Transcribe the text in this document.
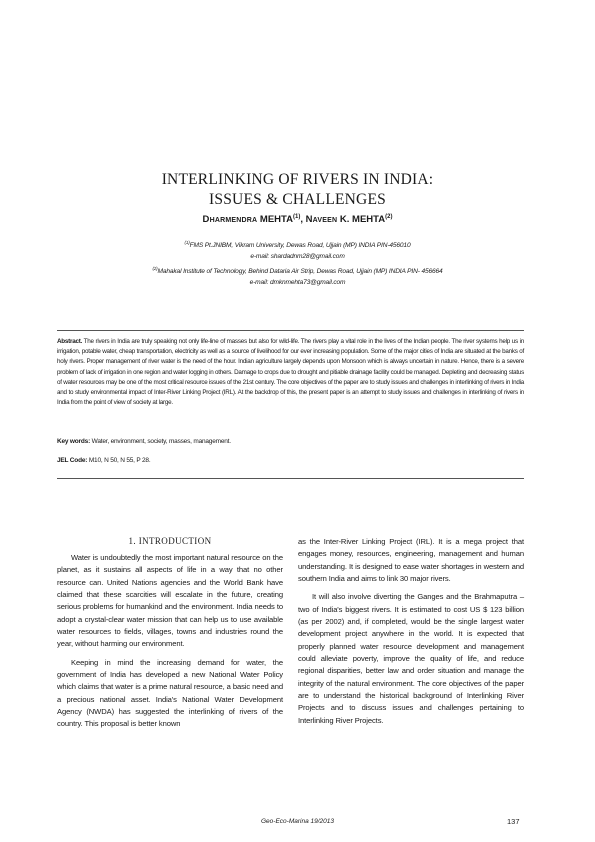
INTERLINKING OF RIVERS IN INDIA:
ISSUES & CHALLENGES
Dharmendra MEHTA$^{(1)}$, Naveen K. MEHTA$^{(2)}$
$^{(1)}$FMS Pt.JNIBM, Vikram University, Dewas Road, Ujjain (MP) INDIA PIN-456010
e-mail: shardadnm28@gmail.com
$^{(2)}$Mahakal Institute of Technology, Behind Dataria Air Strip, Dewas Road, Ujjain (MP) INDIA PIN- 456664
e-mail: dmknmehta73@gmail.com

Abstract. The rivers in India are truly speaking not only life-line of masses but also for wild-life. The rivers play a vital role in the lives of the Indian people. The river systems help us in irrigation, potable water, cheap transportation, electricity as well as a source of livelihood for our ever increasing population. Some of the major cities of India are situated at the banks of holy rivers. Proper management of river water is the need of the hour. Indian agriculture largely depends upon Monsoon which is always uncertain in nature. Hence, there is a severe problem of lack of irrigation in one region and water logging in others. Damage to crops due to drought and pitiable drainage facility could be managed. Depleting and decreasing status of water resources may be one of the most critical resource issues of the 21st century. The core objectives of the paper are to study issues and challenges in interlinking of rivers in India and to study environmental impact of Inter-River Linking Project (IRL). At the backdrop of this, the present paper is an attempt to study issues and challenges in interlinking of rivers in India from the point of view of society at large.

Key words: Water, environment, society, masses, management.
JEL Code: M10, N 50, N 55, P 28.
1. INTRODUCTION

Water is undoubtedly the most important natural resource on the planet, as it sustains all aspects of life in a way that no other resource can. United Nations agencies and the World Bank have claimed that these scarcities will escalate in the future, creating serious problems for humankind and the environment. India needs to adopt a crystal-clear water mission that can help us to use available water resources to fields, villages, towns and industries round the year, without harming our environment.

Keeping in mind the increasing demand for water, the government of India has developed a new National Water Policy which claims that water is a prime natural resource, a basic need and a precious national asset. India's National Water Development Agency (NWDA) has suggested the interlinking of rivers of the country. This proposal is better known

as the Inter-River Linking Project (IRL). It is a mega project that engages money, resources, engineering, management and human understanding. It is designed to ease water shortages in western and southern India and aims to link 30 major rivers.

It will also involve diverting the Ganges and the Brahmaputra – two of India's biggest rivers. It is estimated to cost US $ 123 billion (as per 2002) and, if completed, would be the single largest water development project anywhere in the world. It is expected that properly planned water resource development and management could alleviate poverty, improve the quality of life, and reduce regional disparities, better law and order situation and manage the integrity of the natural environment. The core objectives of the paper are to understand the historical background of Interlinking River Projects and to discuss issues and challenges pertaining to Interlinking River Projects.

Geo-Eco-Marina 19/2013	137
